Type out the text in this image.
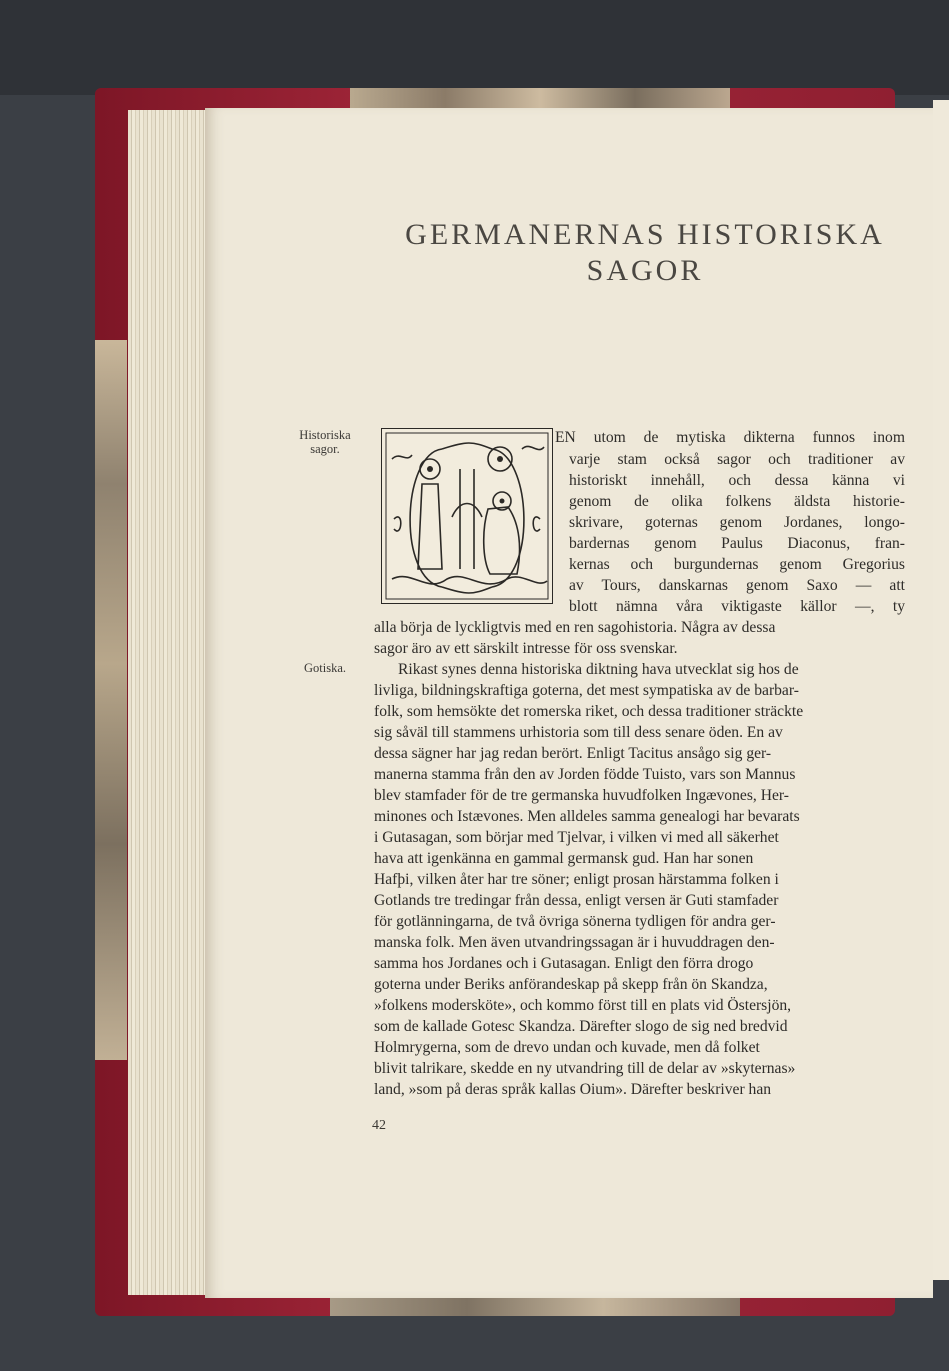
GERMANERNAS HISTORISKA
SAGOR
Historiska sagor.
Gotiska.
EN utom de mytiska dikterna funnos inom
varje stam också sagor och traditioner av
historiskt innehåll, och dessa känna vi
genom de olika folkens äldsta historie-
skrivare, goternas genom Jordanes, longo-
bardernas genom Paulus Diaconus, fran-
kernas och burgundernas genom Gregorius
av Tours, danskarnas genom Saxo — att
blott nämna våra viktigaste källor —, ty
alla börja de lyckligtvis med en ren sagohistoria. Några av dessa
sagor äro av ett särskilt intresse för oss svenskar.
Rikast synes denna historiska diktning hava utvecklat sig hos de
livliga, bildningskraftiga goterna, det mest sympatiska av de barbar-
folk, som hemsökte det romerska riket, och dessa traditioner sträckte
sig såväl till stammens urhistoria som till dess senare öden. En av
dessa sägner har jag redan berört. Enligt Tacitus ansågo sig ger-
manerna stamma från den av Jorden födde Tuisto, vars son Mannus
blev stamfader för de tre germanska huvudfolken Ingævones, Her-
minones och Istævones. Men alldeles samma genealogi har bevarats
i Gutasagan, som börjar med Tjelvar, i vilken vi med all säkerhet
hava att igenkänna en gammal germansk gud. Han har sonen
Hafþi, vilken åter har tre söner; enligt prosan härstamma folken i
Gotlands tre tredingar från dessa, enligt versen är Guti stamfader
för gotlänningarna, de två övriga sönerna tydligen för andra ger-
manska folk. Men även utvandringssagan är i huvuddragen den-
samma hos Jordanes och i Gutasagan. Enligt den förra drogo
goterna under Beriks anförandeskap på skepp från ön Skandza,
»folkens modersköte», och kommo först till en plats vid Östersjön,
som de kallade Gotesc Skandza. Därefter slogo de sig ned bredvid
Holmrygerna, som de drevo undan och kuvade, men då folket
blivit talrikare, skedde en ny utvandring till de delar av »skyternas»
land, »som på deras språk kallas Oium». Därefter beskriver han
42
